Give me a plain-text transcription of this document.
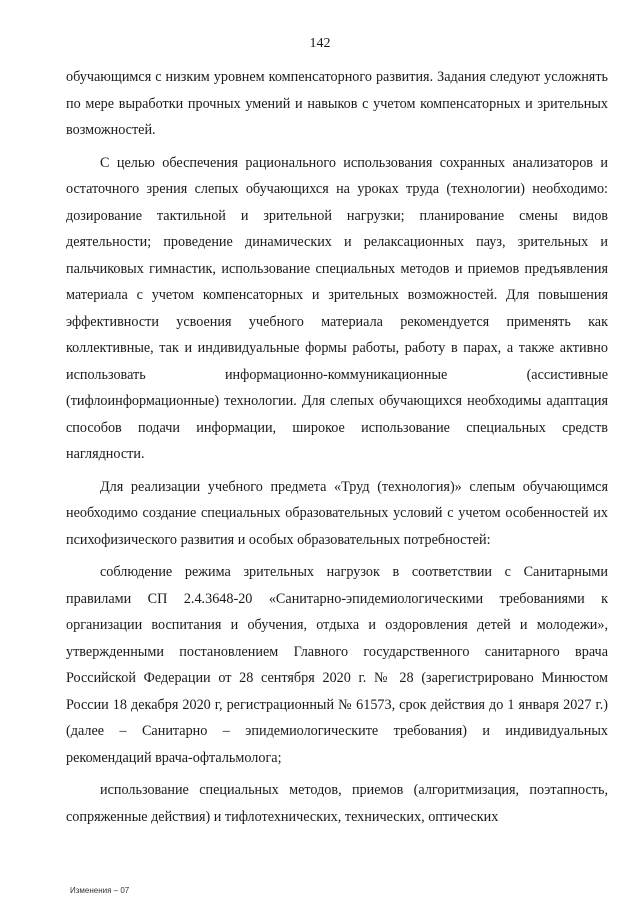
142

обучающимся с низким уровнем компенсаторного развития. Задания следуют усложнять по мере выработки прочных умений и навыков с учетом компенсаторных и зрительных возможностей.

С целью обеспечения рационального использования сохранных анализаторов и остаточного зрения слепых обучающихся на уроках труда (технологии) необходимо: дозирование тактильной и зрительной нагрузки; планирование смены видов деятельности; проведение динамических и релаксационных пауз, зрительных и пальчиковых гимнастик, использование специальных методов и приемов предъявления материала с учетом компенсаторных и зрительных возможностей. Для повышения эффективности усвоения учебного материала рекомендуется применять как коллективные, так и индивидуальные формы работы, работу в парах, а также активно использовать информационно-коммуникационные (ассистивные (тифлоинформационные) технологии. Для слепых обучающихся необходимы адаптация способов подачи информации, широкое использование специальных средств наглядности.

Для реализации учебного предмета «Труд (технология)» слепым обучающимся необходимо создание специальных образовательных условий с учетом особенностей их психофизического развития и особых образовательных потребностей:

соблюдение режима зрительных нагрузок в соответствии с Санитарными правилами СП 2.4.3648-20 «Санитарно-эпидемиологическими требованиями к организации воспитания и обучения, отдыха и оздоровления детей и молодежи», утвержденными постановлением Главного государственного санитарного врача Российской Федерации от 28 сентября 2020 г. № 28 (зарегистрировано Минюстом России 18 декабря 2020 г, регистрационный № 61573, срок действия до 1 января 2027 г.) (далее – Санитарно – эпидемиологическите требования) и индивидуальных рекомендаций врача-офтальмолога;

использование специальных методов, приемов (алгоритмизация, поэтапность, сопряженные действия) и тифлотехнических, технических, оптических

Изменения – 07
